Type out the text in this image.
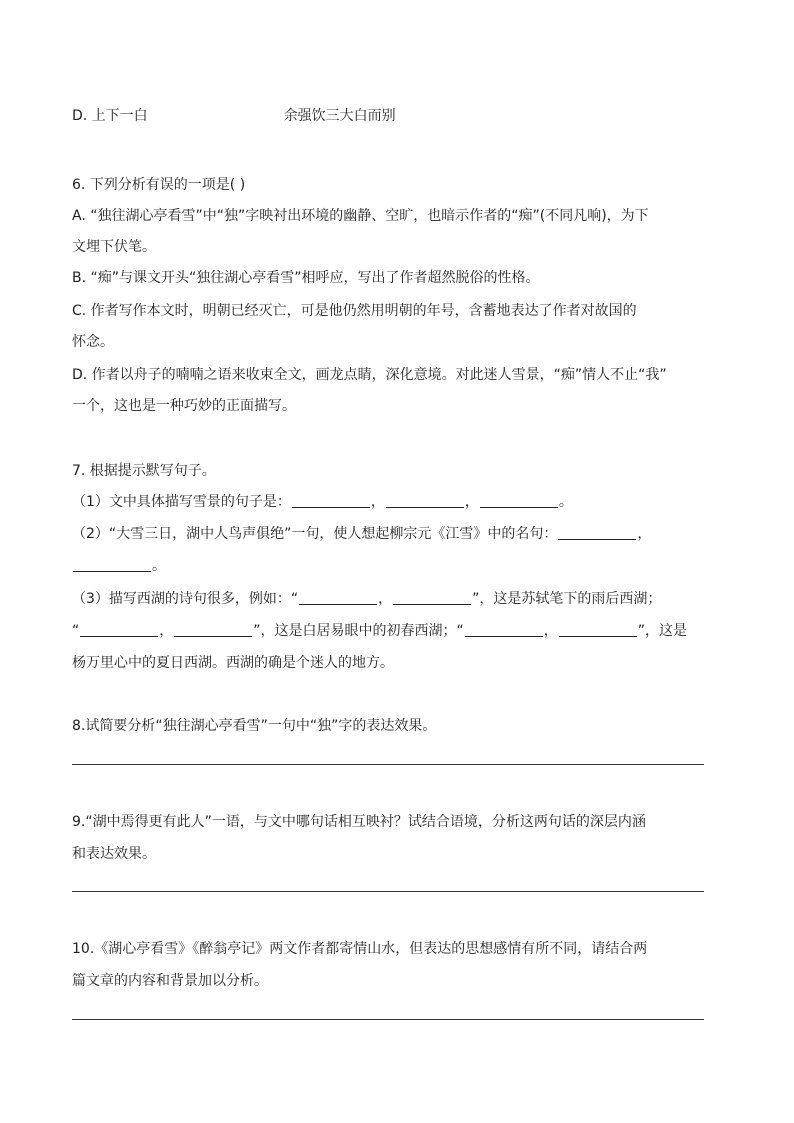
D. 上下一白	余强饮三大白而别
6. 下列分析有误的一项是( )
A. “独往湖心亭看雪”中“独”字映衬出环境的幽静、空旷，也暗示作者的“痴”(不同凡响)，为下
文埋下伏笔。
B. “痴”与课文开头“独往湖心亭看雪”相呼应，写出了作者超然脱俗的性格。
C. 作者写作本文时，明朝已经灭亡，可是他仍然用明朝的年号，含蓄地表达了作者对故国的
怀念。
D. 作者以舟子的喃喃之语来收束全文，画龙点睛，深化意境。对此迷人雪景，“痴”情人不止“我”
一个，这也是一种巧妙的正面描写。
7. 根据提示默写句子。
（1）文中具体描写雪景的句子是：	，	，	。
（2）“大雪三日，湖中人鸟声俱绝”一句，使人想起柳宗元《江雪》中的名句：	，
。
（3）描写西湖的诗句很多，例如：“	，	”，这是苏轼笔下的雨后西湖；
“	，	”，这是白居易眼中的初春西湖；“	，	”，这是
杨万里心中的夏日西湖。西湖的确是个迷人的地方。
8.试简要分析“独往湖心亭看雪”一句中“独”字的表达效果。
9.“湖中焉得更有此人”一语，与文中哪句话相互映衬？试结合语境，分析这两句话的深层内涵
和表达效果。
10.《湖心亭看雪》《醉翁亭记》两文作者都寄情山水，但表达的思想感情有所不同，请结合两
篇文章的内容和背景加以分析。
